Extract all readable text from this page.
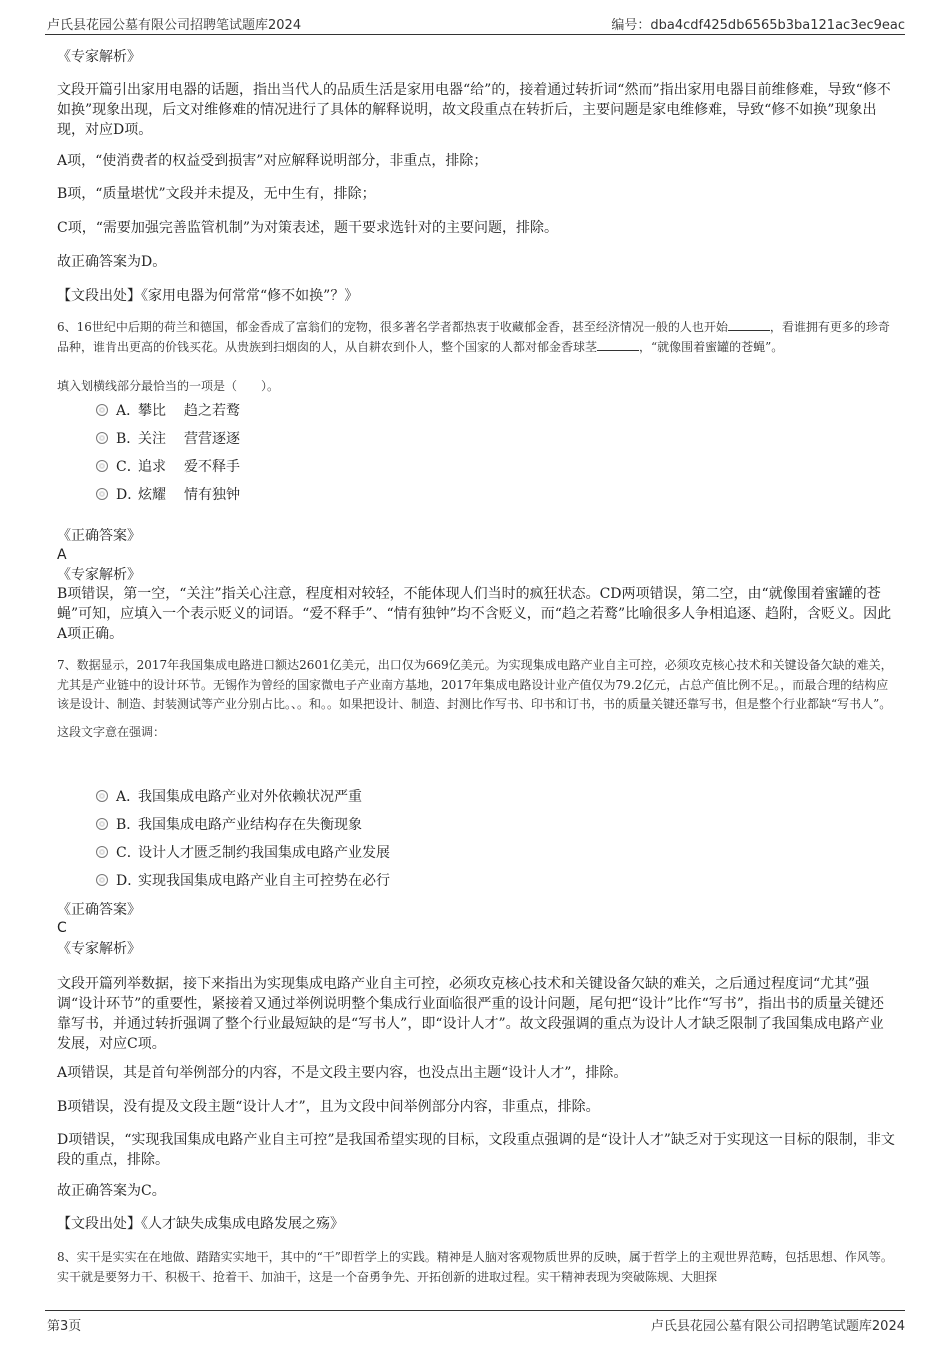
卢氏县花园公墓有限公司招聘笔试题库2024	编号：dba4cdf425db6565b3ba121ac3ec9eac
《专家解析》
文段开篇引出家用电器的话题，指出当代人的品质生活是家用电器“给”的，接着通过转折词“然而”指出家用电器目前维修难，导致“修不如换”现象出现，后文对维修难的情况进行了具体的解释说明，故文段重点在转折后，主要问题是家电维修难，导致“修不如换”现象出现，对应D项。
A项，“使消费者的权益受到损害”对应解释说明部分，非重点，排除；
B项，“质量堪忧”文段并未提及，无中生有，排除；
C项，“需要加强完善监管机制”为对策表述，题干要求选针对的主要问题，排除。
故正确答案为D。
【文段出处】《家用电器为何常常“修不如换”？》
6、16世纪中后期的荷兰和德国，郁金香成了富翁们的宠物，很多著名学者都热衷于收藏郁金香，甚至经济情况一般的人也开始	，看谁拥有更多的珍奇品种，谁肯出更高的价钱买花。从贵族到扫烟囱的人，从自耕农到仆人，整个国家的人都对郁金香球茎	，“就像围着蜜罐的苍蝇”。
填入划横线部分最恰当的一项是（　　）。
A．攀比 趋之若鹜
B．关注 营营逐逐
C．追求 爱不释手
D．炫耀 情有独钟
《正确答案》
A
《专家解析》
B项错误，第一空，“关注”指关心注意，程度相对较轻，不能体现人们当时的疯狂状态。CD两项错误，第二空，由“就像围着蜜罐的苍蝇”可知，应填入一个表示贬义的词语。“爱不释手”、“情有独钟”均不含贬义，而“趋之若鹜”比喻很多人争相追逐、趋附，含贬义。因此A项正确。
7、数据显示，2017年我国集成电路进口额达2601亿美元，出口仅为669亿美元。为实现集成电路产业自主可控，必须攻克核心技术和关键设备欠缺的难关，尤其是产业链中的设计环节。无锡作为曾经的国家微电子产业南方基地，2017年集成电路设计业产值仅为79.2亿元，占总产值比例不足。，而最合理的结构应该是设计、制造、封装测试等产业分别占比。、。和。。如果把设计、制造、封测比作写书、印书和订书，书的质量关键还靠写书，但是整个行业都缺“写书人”。
这段文字意在强调：
A．我国集成电路产业对外依赖状况严重
B．我国集成电路产业结构存在失衡现象
C．设计人才匮乏制约我国集成电路产业发展
D．实现我国集成电路产业自主可控势在必行
《正确答案》
C
《专家解析》
文段开篇列举数据，接下来指出为实现集成电路产业自主可控，必须攻克核心技术和关键设备欠缺的难关，之后通过程度词“尤其”强调“设计环节”的重要性，紧接着又通过举例说明整个集成行业面临很严重的设计问题，尾句把“设计”比作“写书”，指出书的质量关键还靠写书，并通过转折强调了整个行业最短缺的是“写书人”，即“设计人才”。故文段强调的重点为设计人才缺乏限制了我国集成电路产业发展，对应C项。
A项错误，其是首句举例部分的内容，不是文段主要内容，也没点出主题“设计人才”，排除。
B项错误，没有提及文段主题“设计人才”，且为文段中间举例部分内容，非重点，排除。
D项错误，“实现我国集成电路产业自主可控”是我国希望实现的目标，文段重点强调的是“设计人才”缺乏对于实现这一目标的限制，非文段的重点，排除。
故正确答案为C。
【文段出处】《人才缺失成集成电路发展之殇》
8、实干是实实在在地做、踏踏实实地干，其中的“干”即哲学上的实践。精神是人脑对客观物质世界的反映，属于哲学上的主观世界范畴，包括思想、作风等。实干就是要努力干、积极干、抢着干、加油干，这是一个奋勇争先、开拓创新的进取过程。实干精神表现为突破陈规、大胆探
第3页	卢氏县花园公墓有限公司招聘笔试题库2024
